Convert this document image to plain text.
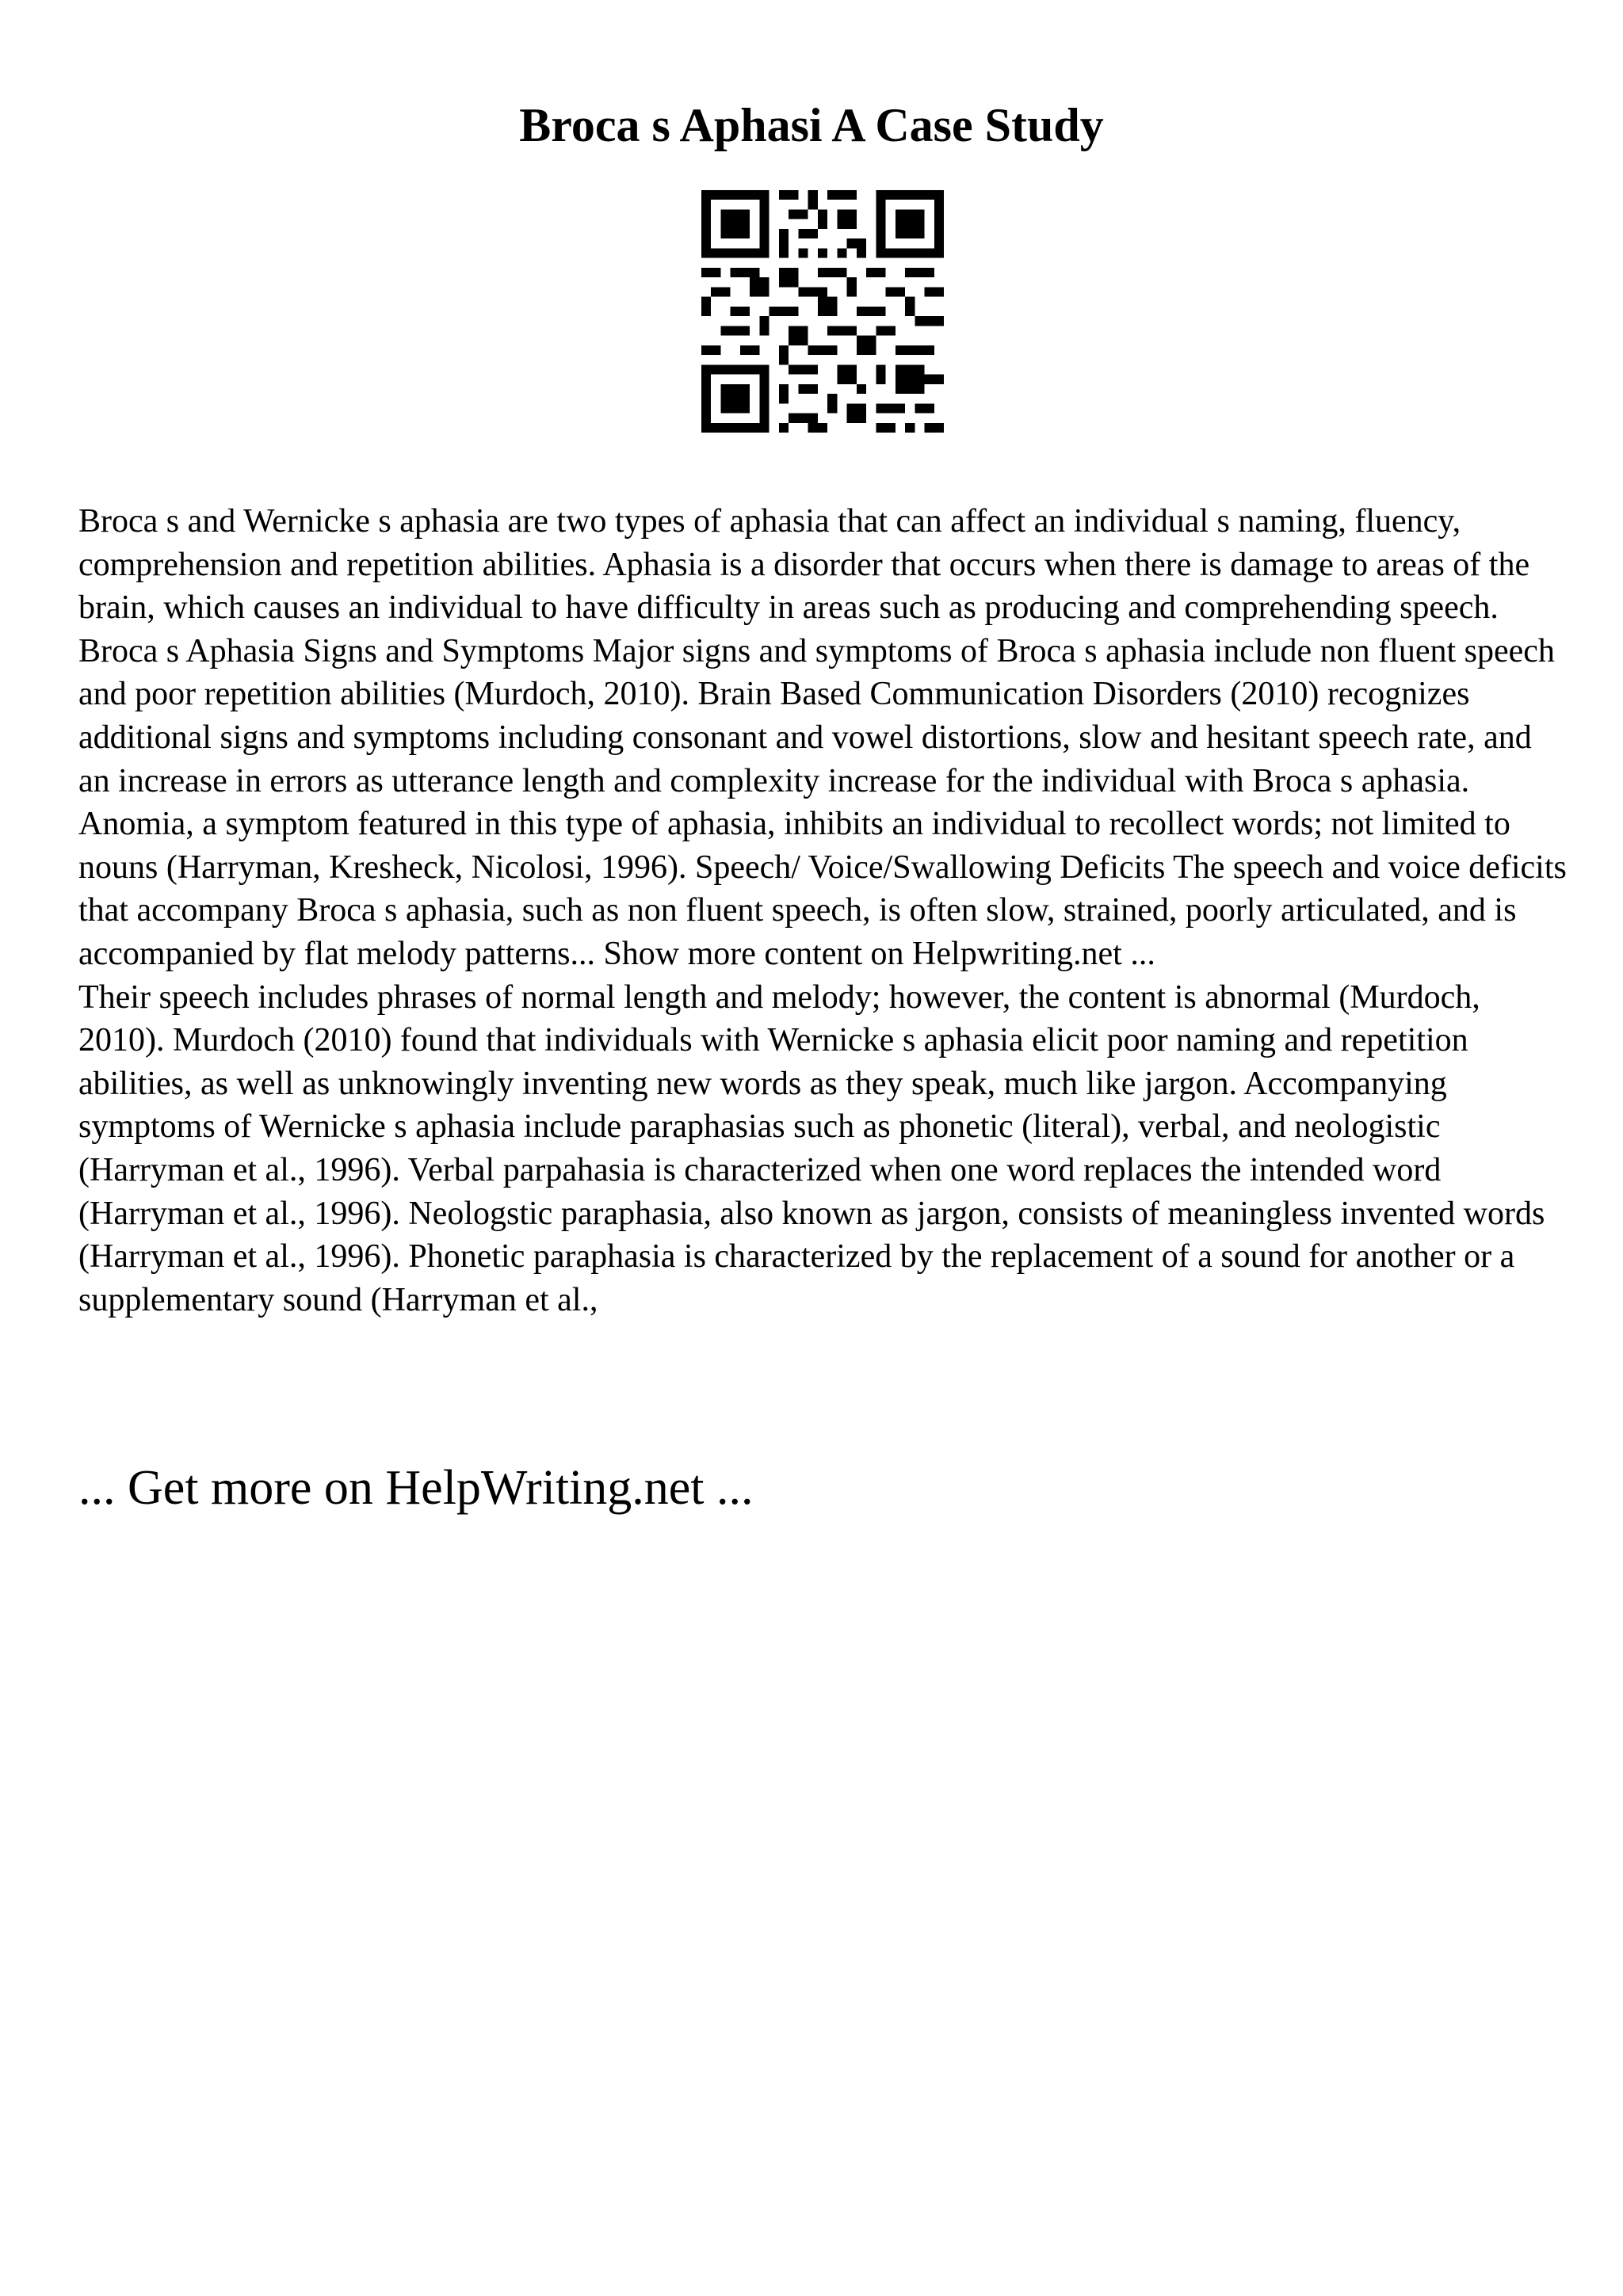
Broca s Aphasi A Case Study

Broca s and Wernicke s aphasia are two types of aphasia that can affect an individual s naming, fluency, comprehension and repetition abilities. Aphasia is a disorder that occurs when there is damage to areas of the brain, which causes an individual to have difficulty in areas such as producing and comprehending speech. Broca s Aphasia Signs and Symptoms Major signs and symptoms of Broca s aphasia include non fluent speech and poor repetition abilities (Murdoch, 2010). Brain Based Communication Disorders (2010) recognizes additional signs and symptoms including consonant and vowel distortions, slow and hesitant speech rate, and an increase in errors as utterance length and complexity increase for the individual with Broca s aphasia. Anomia, a symptom featured in this type of aphasia, inhibits an individual to recollect words; not limited to nouns (Harryman, Kresheck, Nicolosi, 1996). Speech/ Voice/Swallowing Deficits The speech and voice deficits that accompany Broca s aphasia, such as non fluent speech, is often slow, strained, poorly articulated, and is accompanied by flat melody patterns... Show more content on Helpwriting.net ...

Their speech includes phrases of normal length and melody; however, the content is abnormal (Murdoch, 2010). Murdoch (2010) found that individuals with Wernicke s aphasia elicit poor naming and repetition abilities, as well as unknowingly inventing new words as they speak, much like jargon. Accompanying symptoms of Wernicke s aphasia include paraphasias such as phonetic (literal), verbal, and neologistic (Harryman et al., 1996). Verbal parpahasia is characterized when one word replaces the intended word (Harryman et al., 1996). Neologstic paraphasia, also known as jargon, consists of meaningless invented words (Harryman et al., 1996). Phonetic paraphasia is characterized by the replacement of a sound for another or a supplementary sound (Harryman et al.,

... Get more on HelpWriting.net ...
